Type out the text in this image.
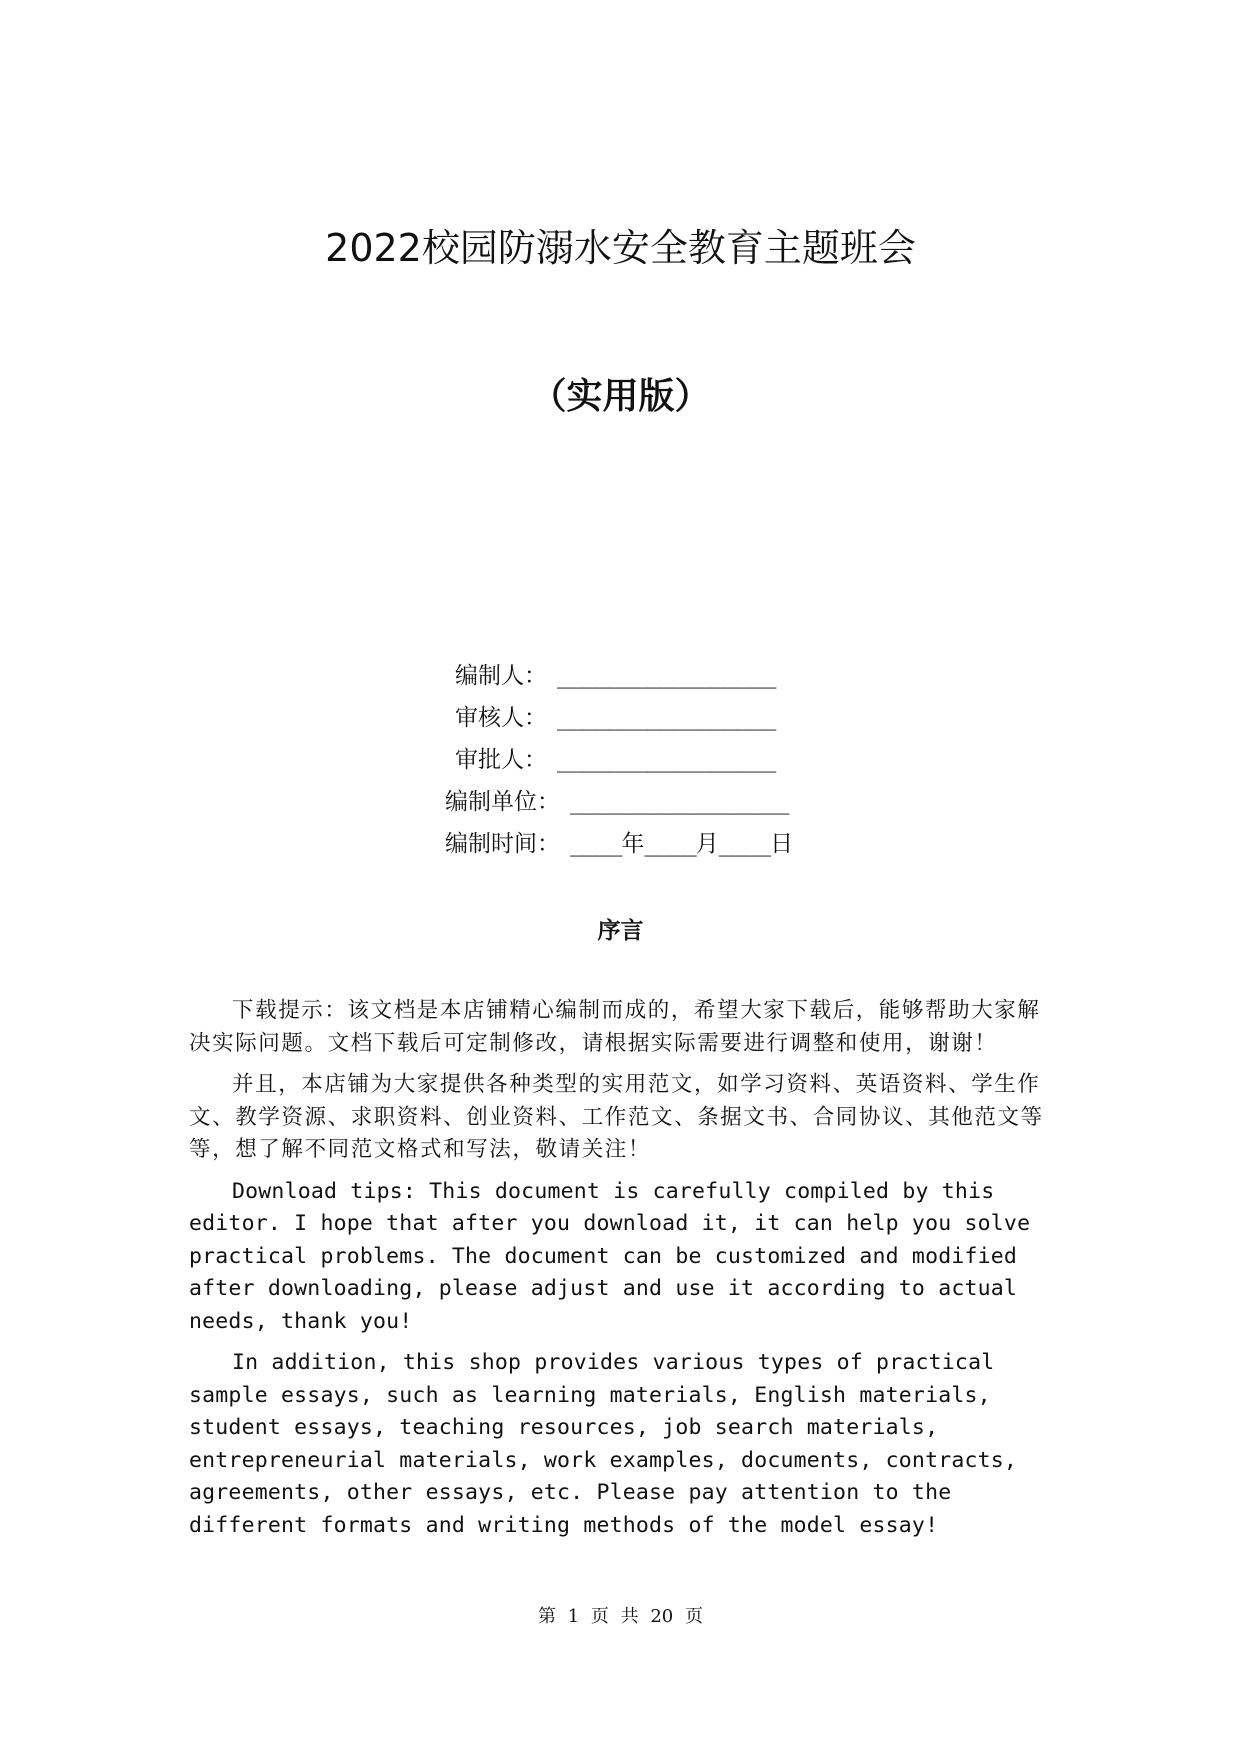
2022校园防溺水安全教育主题班会
（实用版）
编制人： _________________
审核人： _________________
审批人： _________________
编制单位： _________________
编制时间： ____年____月____日
序言

下载提示：该文档是本店铺精心编制而成的，希望大家下载后，能够帮助大家解决实际问题。文档下载后可定制修改，请根据实际需要进行调整和使用，谢谢！

并且，本店铺为大家提供各种类型的实用范文，如学习资料、英语资料、学生作文、教学资源、求职资料、创业资料、工作范文、条据文书、合同协议、其他范文等等，想了解不同范文格式和写法，敬请关注！

Download tips: This document is carefully compiled by this editor. I hope that after you download it, it can help you solve practical problems. The document can be customized and modified after downloading, please adjust and use it according to actual needs, thank you!

In addition, this shop provides various types of practical sample essays, such as learning materials, English materials, student essays, teaching resources, job search materials, entrepreneurial materials, work examples, documents, contracts, agreements, other essays, etc. Please pay attention to the different formats and writing methods of the model essay!

第 1 页 共 20 页
